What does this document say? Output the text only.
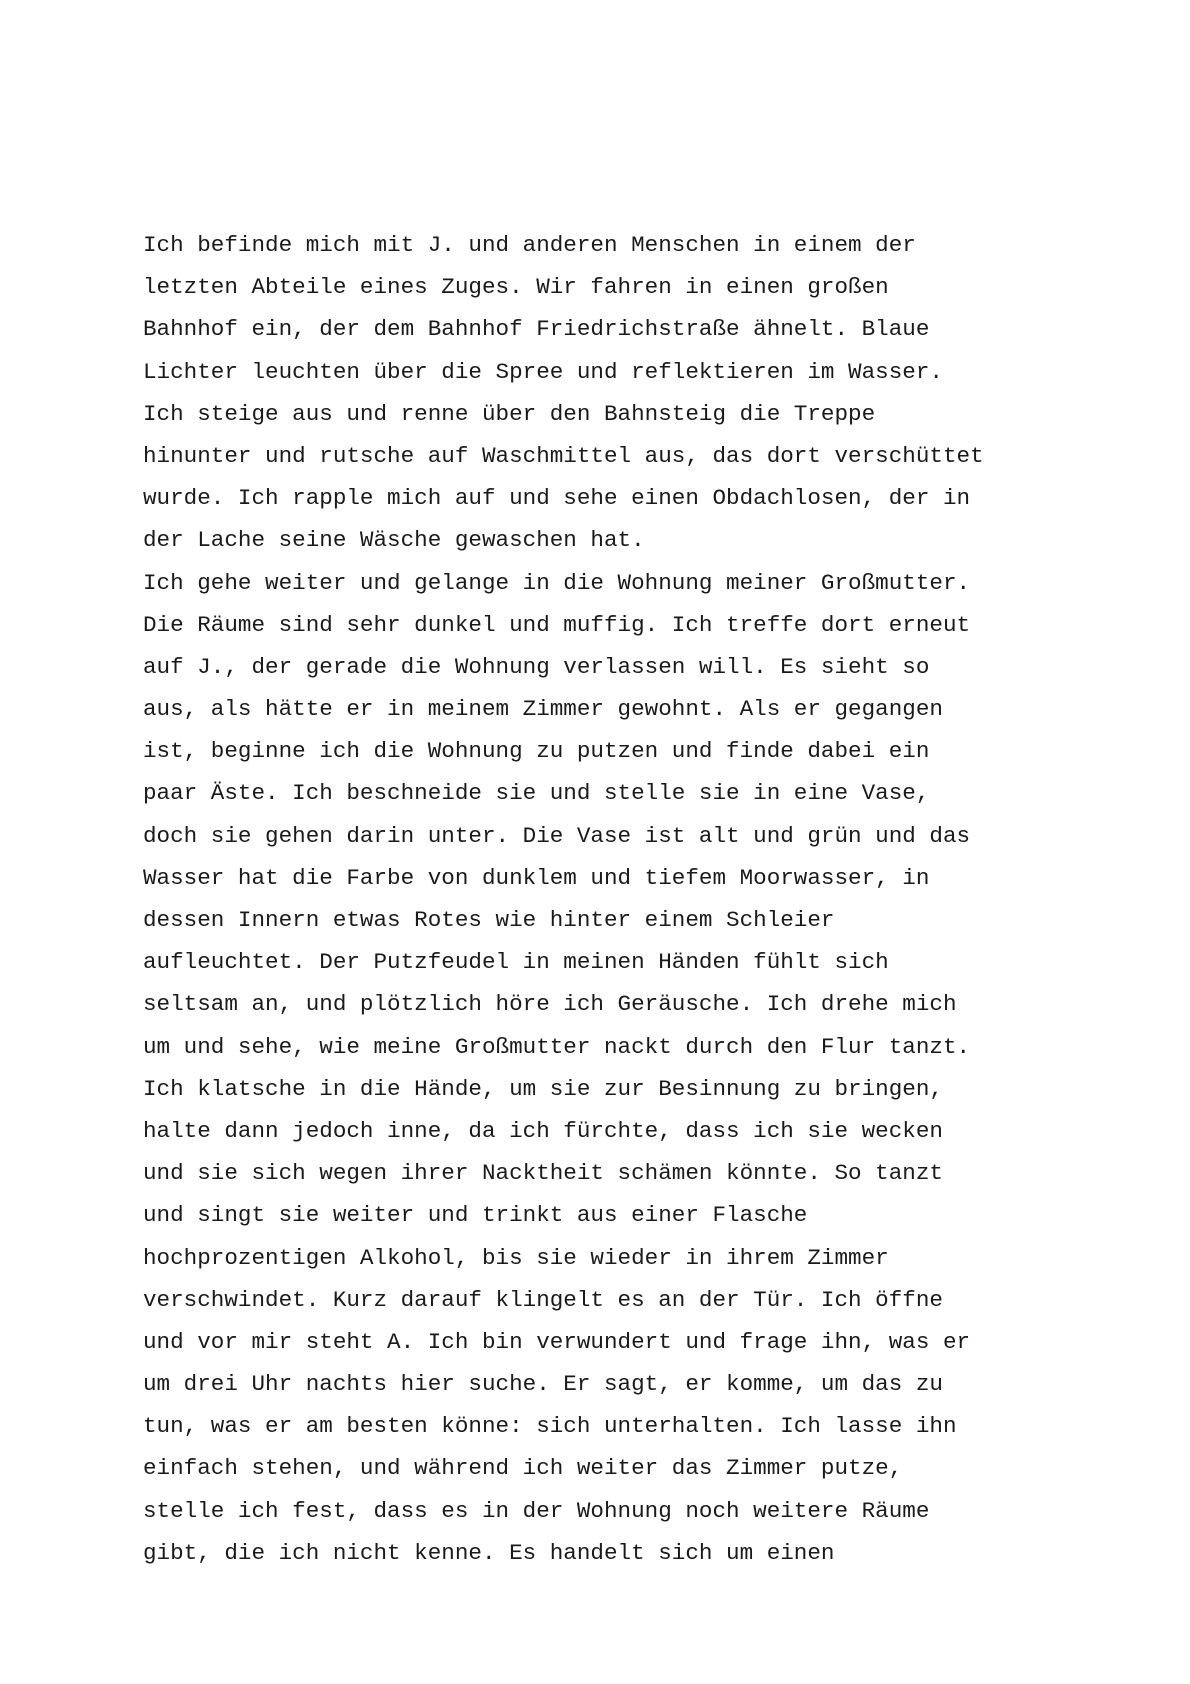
Ich befinde mich mit J. und anderen Menschen in einem der
letzten Abteile eines Zuges. Wir fahren in einen großen
Bahnhof ein, der dem Bahnhof Friedrichstraße ähnelt. Blaue
Lichter leuchten über die Spree und reflektieren im Wasser.
Ich steige aus und renne über den Bahnsteig die Treppe
hinunter und rutsche auf Waschmittel aus, das dort verschüttet
wurde. Ich rapple mich auf und sehe einen Obdachlosen, der in
der Lache seine Wäsche gewaschen hat.
Ich gehe weiter und gelange in die Wohnung meiner Großmutter.
Die Räume sind sehr dunkel und muffig. Ich treffe dort erneut
auf J., der gerade die Wohnung verlassen will. Es sieht so
aus, als hätte er in meinem Zimmer gewohnt. Als er gegangen
ist, beginne ich die Wohnung zu putzen und finde dabei ein
paar Äste. Ich beschneide sie und stelle sie in eine Vase,
doch sie gehen darin unter. Die Vase ist alt und grün und das
Wasser hat die Farbe von dunklem und tiefem Moorwasser, in
dessen Innern etwas Rotes wie hinter einem Schleier
aufleuchtet. Der Putzfeudel in meinen Händen fühlt sich
seltsam an, und plötzlich höre ich Geräusche. Ich drehe mich
um und sehe, wie meine Großmutter nackt durch den Flur tanzt.
Ich klatsche in die Hände, um sie zur Besinnung zu bringen,
halte dann jedoch inne, da ich fürchte, dass ich sie wecken
und sie sich wegen ihrer Nacktheit schämen könnte. So tanzt
und singt sie weiter und trinkt aus einer Flasche
hochprozentigen Alkohol, bis sie wieder in ihrem Zimmer
verschwindet. Kurz darauf klingelt es an der Tür. Ich öffne
und vor mir steht A. Ich bin verwundert und frage ihn, was er
um drei Uhr nachts hier suche. Er sagt, er komme, um das zu
tun, was er am besten könne: sich unterhalten. Ich lasse ihn
einfach stehen, und während ich weiter das Zimmer putze,
stelle ich fest, dass es in der Wohnung noch weitere Räume
gibt, die ich nicht kenne. Es handelt sich um einen
